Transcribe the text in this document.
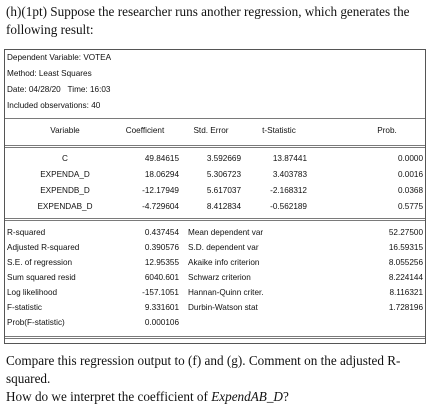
(h)(1pt) Suppose the researcher runs another regression, which generates the following result:
Dependent Variable: VOTEA
Method: Least Squares
Date: 04/28/20 Time: 16:03
Included observations: 40
Variable	Coefficient	Std. Error	t-Statistic	Prob.
C	49.84615	3.592669	13.87441	0.0000
EXPENDA_D	18.06294	5.306723	3.403783	0.0016
EXPENDB_D	-12.17949	5.617037	-2.168312	0.0368
EXPENDAB_D	-4.729604	8.412834	-0.562189	0.5775
R-squared	0.437454
Adjusted R-squared	0.390576
S.E. of regression	12.95355
Sum squared resid	6040.601
Log likelihood	-157.1051
F-statistic	9.331601
Prob(F-statistic)	0.000106
Mean dependent var	52.27500
S.D. dependent var	16.59315
Akaike info criterion	8.055256
Schwarz criterion	8.224144
Hannan-Quinn criter.	8.116321
Durbin-Watson stat	1.728196
Compare this regression output to (f) and (g). Comment on the adjusted R-squared.
How do we interpret the coefficient of ExpendAB_D?
